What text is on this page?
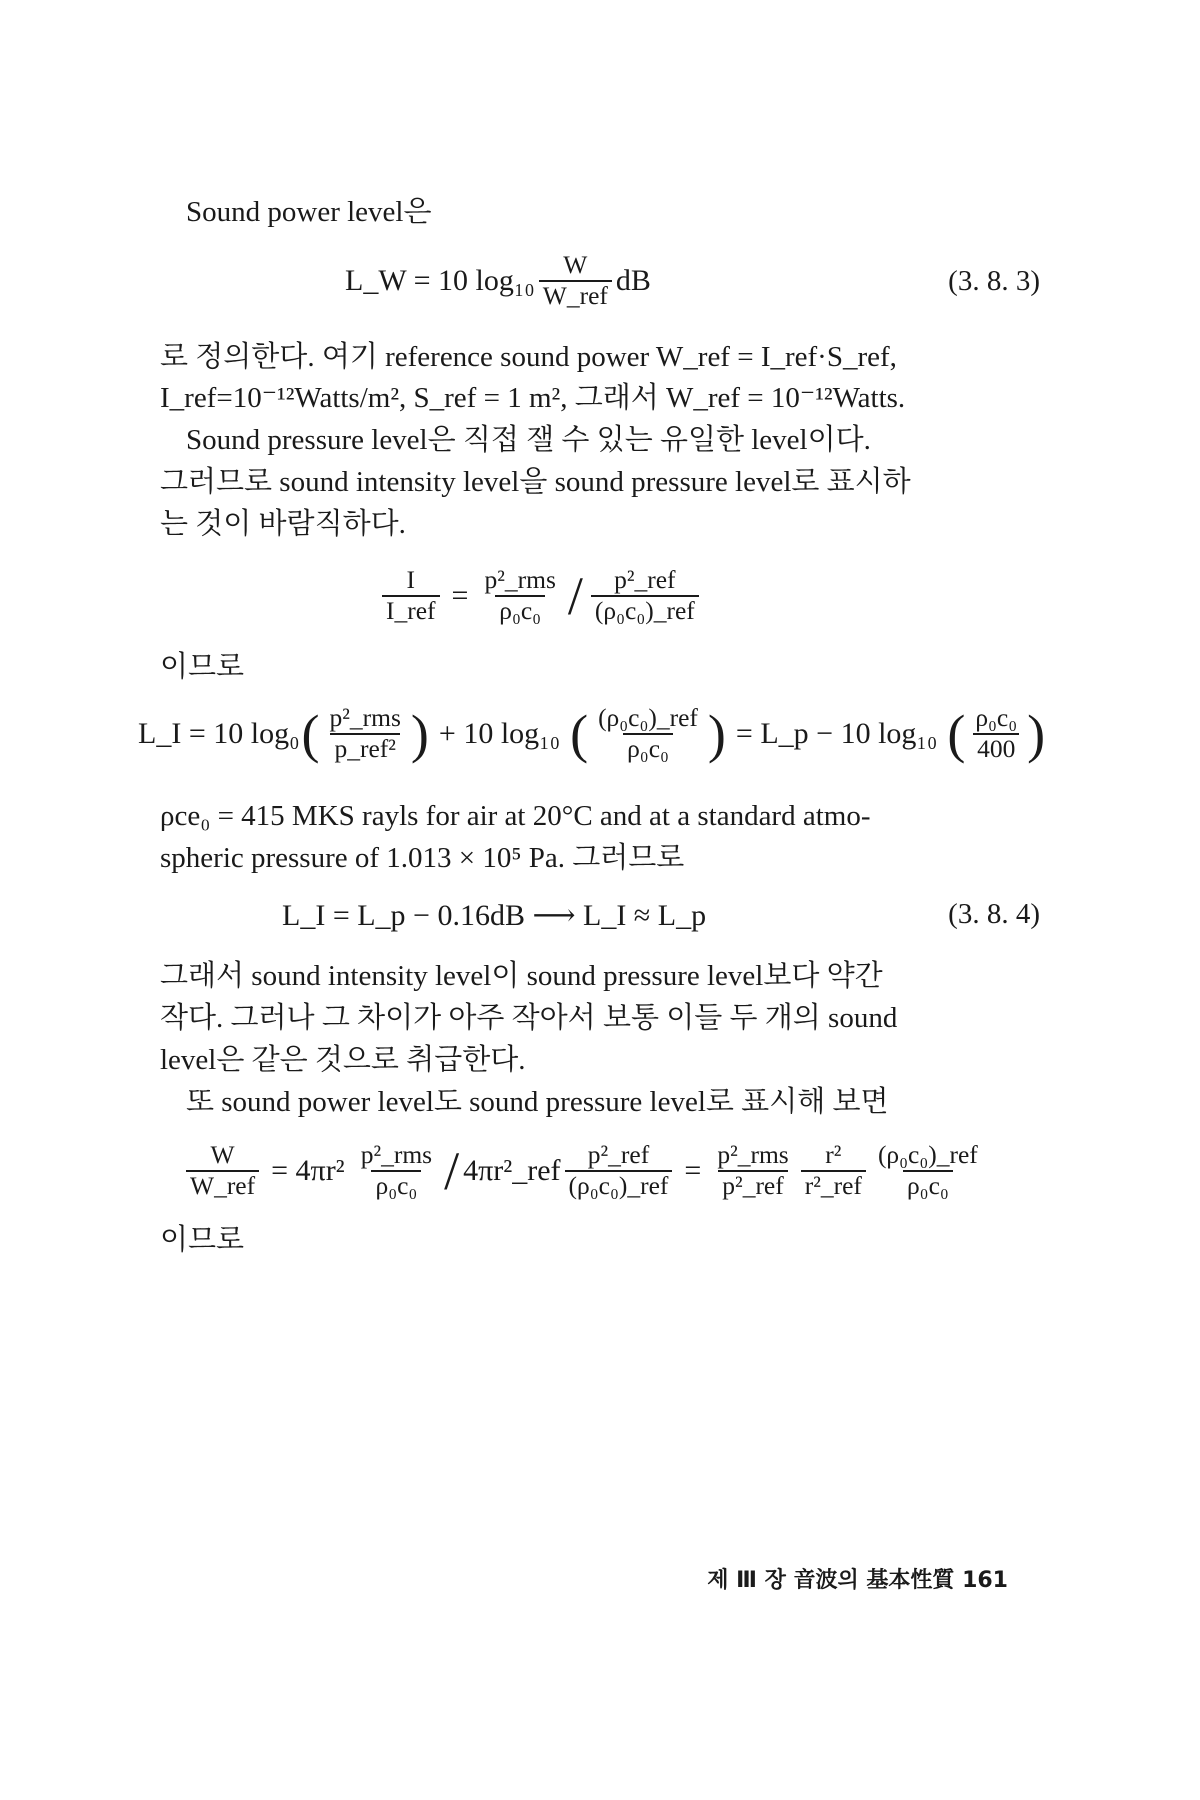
Sound power level은
L_W = 10 $\log_{10} \frac{W}{\text{W\_ref}}$ dB	(3. 8. 3)
로 정의한다. 여기 reference sound power W_ref = I_ref·S_ref,
I_ref=10⁻¹²Watts/m², S_ref = 1 m², 그래서 W_ref = 10⁻¹²Watts.
Sound pressure level은 직접 잴 수 있는 유일한 level이다.
그러므로 sound intensity level을 sound pressure level로 표시하
는 것이 바람직하다.
$\frac{I}{\text{I\_ref}} = \frac{\text{p²\_rms}}{\text{ρ₀c₀}} / \frac{\text{p²\_ref}}{\text{(ρ₀c₀)\_ref}}$
이므로
L_I = 10 log₀ ( $\frac{\text{p²\_rms}}{\text{p\_ref²}}$ ) + 10 log₁₀ ( $\frac{\text{(ρ₀c₀)\_ref}}{\text{ρ₀c₀}}$ ) = L_p − 10 log₁₀ ( $\frac{\text{ρ₀c₀}}{400}$ )
ρce₀ = 415 MKS rayls for air at 20°C and at a standard atmo-
spheric pressure of 1.013 × 10⁵ Pa. 그러므로
L_I = L_p − 0.16dB ⟶ L_I ≈ L_p	(3. 8. 4)
그래서 sound intensity level이 sound pressure level보다 약간
작다. 그러나 그 차이가 아주 작아서 보통 이들 두 개의 sound
level은 같은 것으로 취급한다.
또 sound power level도 sound pressure level로 표시해 보면
$\frac{W}{\text{W\_ref}} = 4\pi r^2 \frac{\text{p²\_rms}}{\text{ρ₀c₀}}$ / 4πr²_ref $\frac{\text{p²\_ref}}{\text{(ρ₀c₀)\_ref}} = \frac{\text{p²\_rms}}{\text{p²\_ref}} \frac{\text{r²}}{\text{r²\_ref}} \frac{\text{(ρ₀c₀)\_ref}}{\text{ρ₀c₀}}$
이므로
제 Ⅲ 장 音波의 基本性質 161
